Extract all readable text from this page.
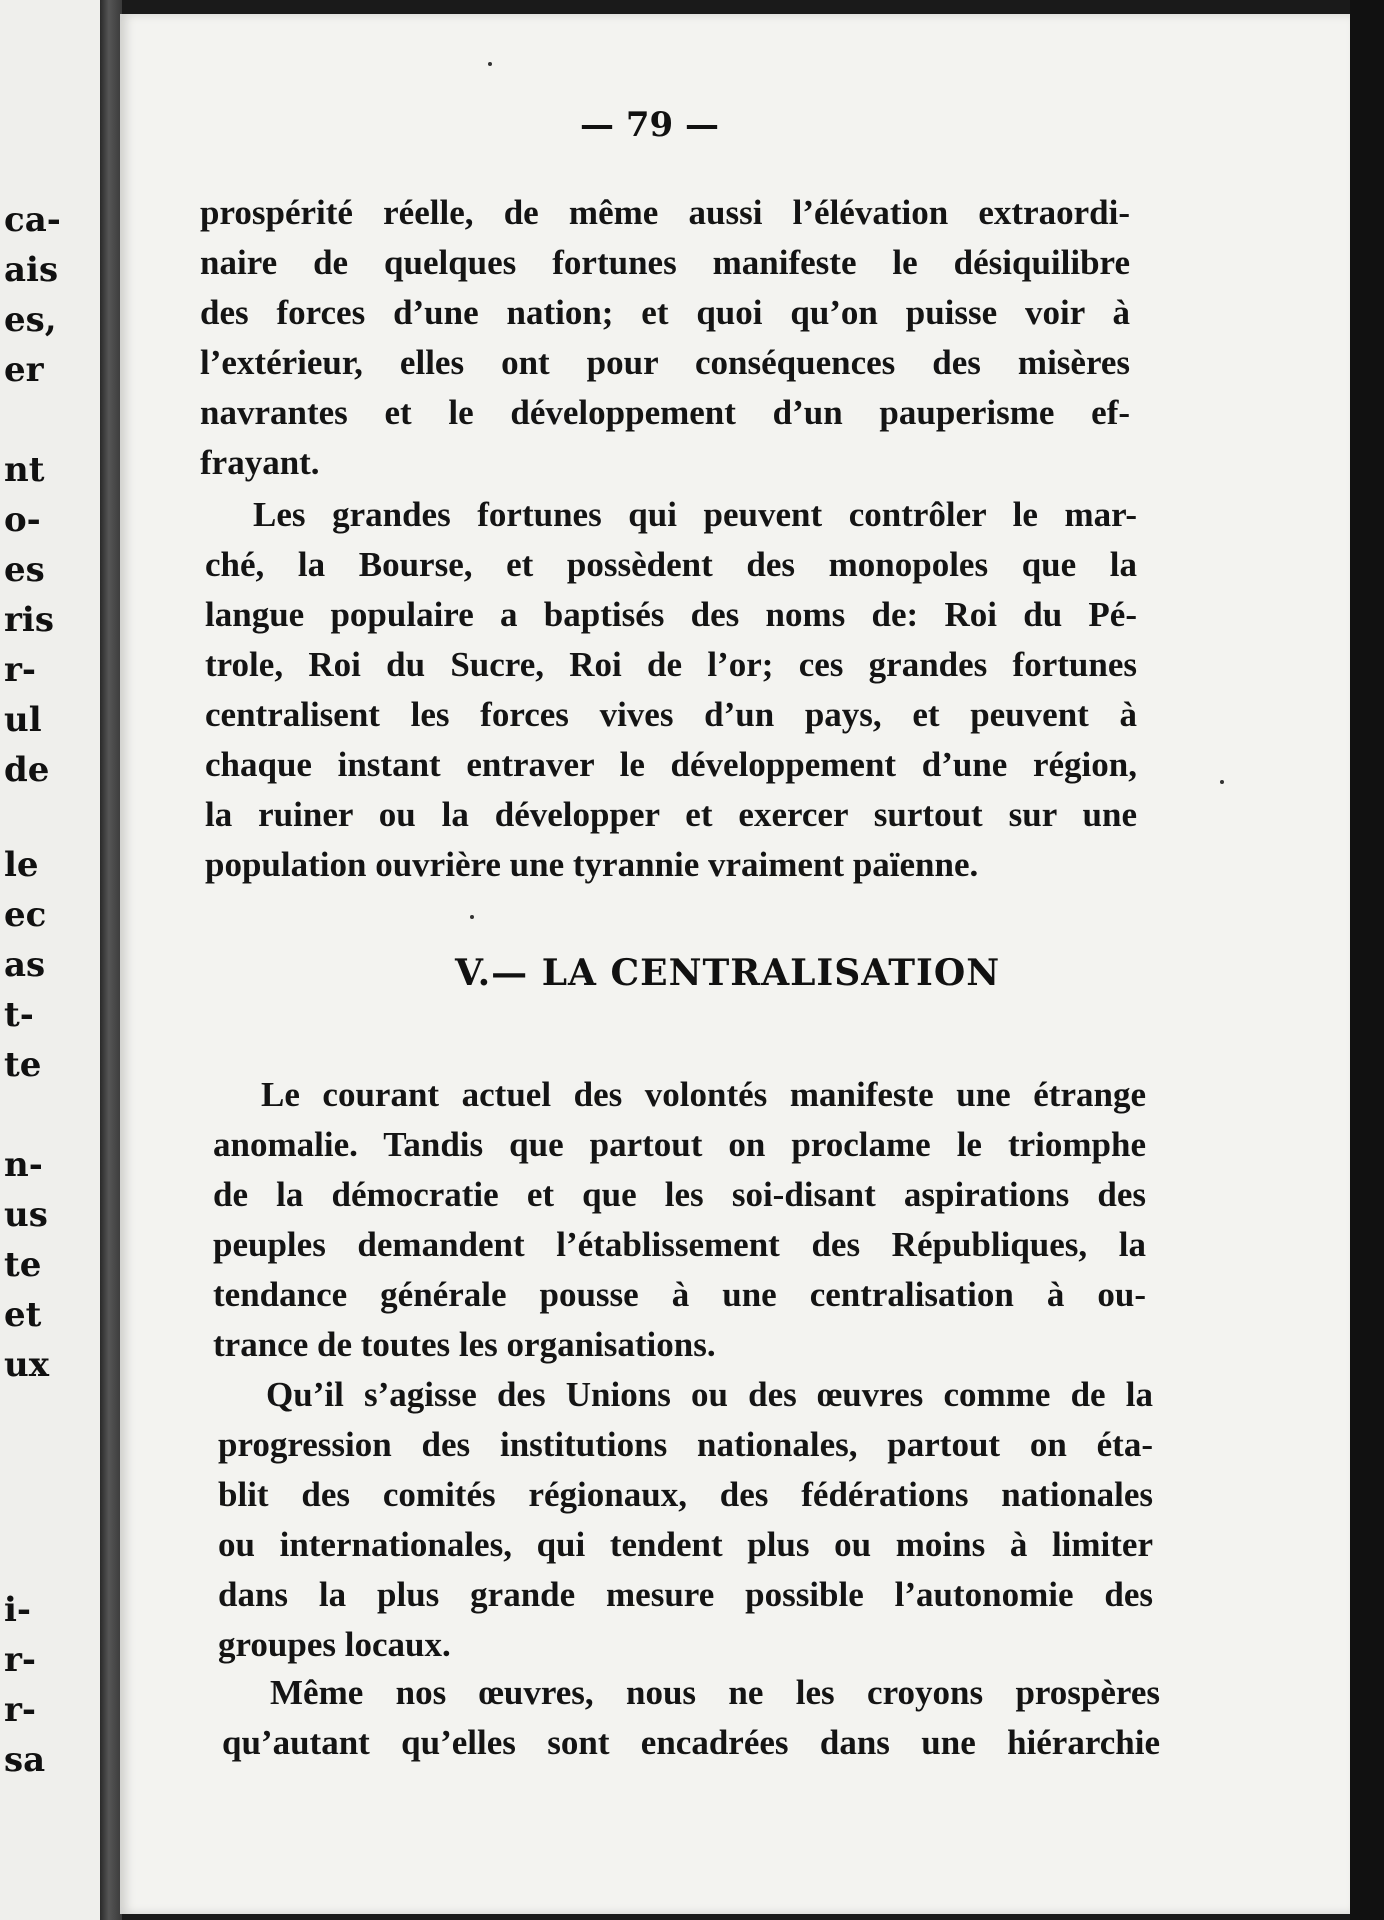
ca-
ais
es,
er
nt
o-
es
ris
r-
ul
de
le
ec
as
t-
te
n-
us
te
et
ux
i-
r-
r-
sa
— 79 —
prospérité réelle, de même aussi l’élévation extraordi-
naire de quelques fortunes manifeste le désiquilibre
des forces d’une nation; et quoi qu’on puisse voir à
l’extérieur, elles ont pour conséquences des misères
navrantes et le développement d’un pauperisme ef-
frayant.
Les grandes fortunes qui peuvent contrôler le mar-
ché, la Bourse, et possèdent des monopoles que la
langue populaire a baptisés des noms de: Roi du Pé-
trole, Roi du Sucre, Roi de l’or; ces grandes fortunes
centralisent les forces vives d’un pays, et peuvent à
chaque instant entraver le développement d’une région,
la ruiner ou la développer et exercer surtout sur une
population ouvrière une tyrannie vraiment païenne.
V.— LA CENTRALISATION
Le courant actuel des volontés manifeste une étrange
anomalie. Tandis que partout on proclame le triomphe
de la démocratie et que les soi-disant aspirations des
peuples demandent l’établissement des Républiques, la
tendance générale pousse à une centralisation à ou-
trance de toutes les organisations.
Qu’il s’agisse des Unions ou des œuvres comme de la
progression des institutions nationales, partout on éta-
blit des comités régionaux, des fédérations nationales
ou internationales, qui tendent plus ou moins à limiter
dans la plus grande mesure possible l’autonomie des
groupes locaux.
Même nos œuvres, nous ne les croyons prospères
qu’autant qu’elles sont encadrées dans une hiérarchie
